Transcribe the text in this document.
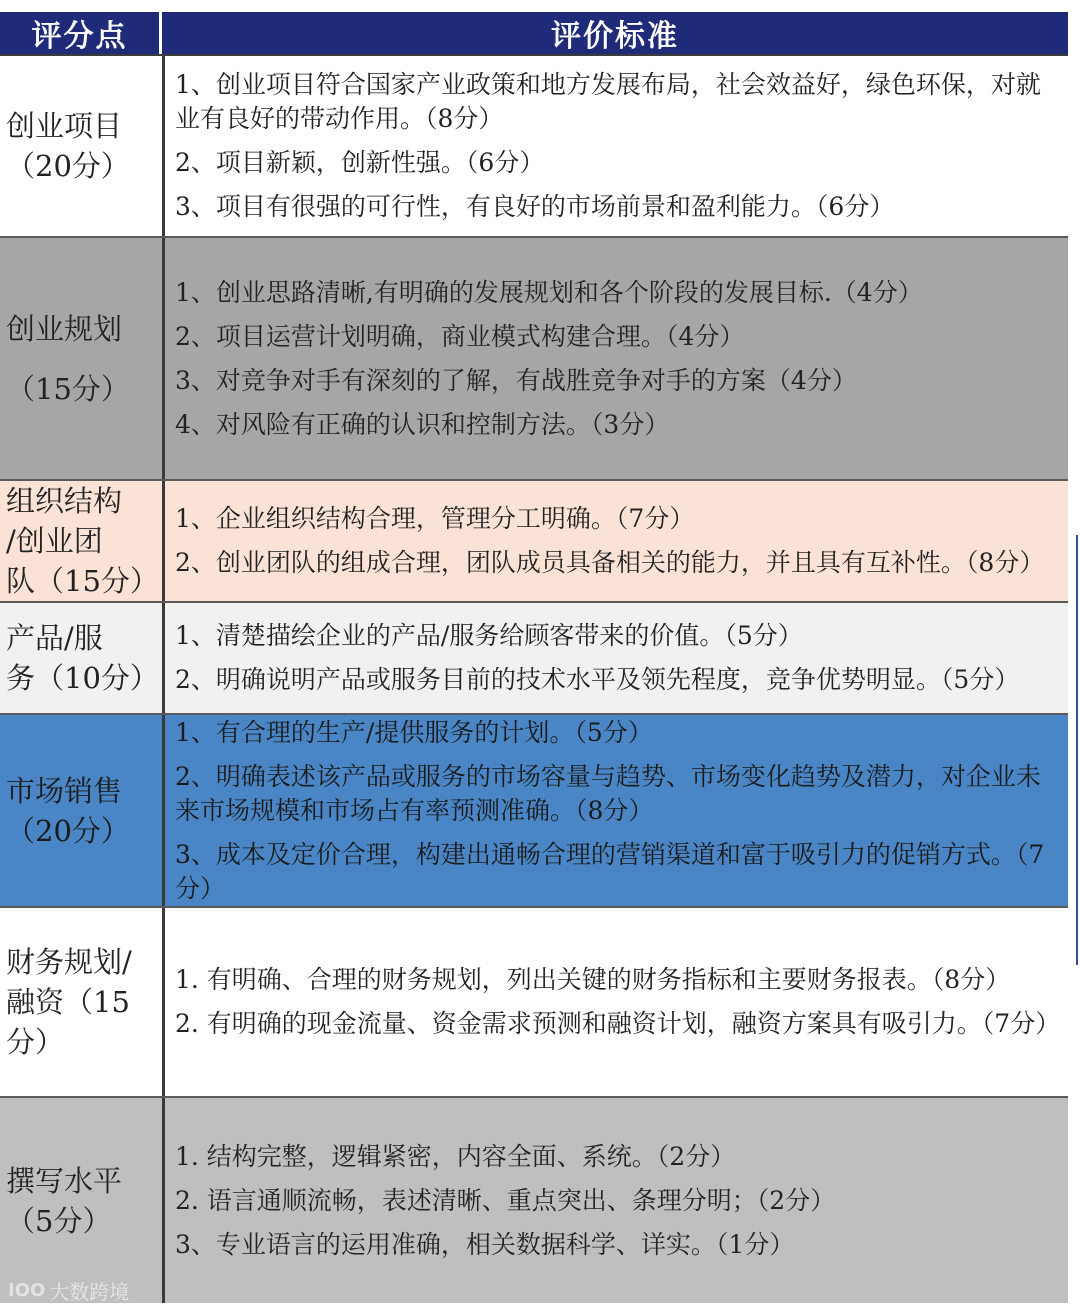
评分点	评价标准
创业项目
（20分）
1、创业项目符合国家产业政策和地方发展布局，社会效益好，绿色环保，对就业有良好的带动作用。（8分）
2、项目新颖，创新性强。（6分）
3、项目有很强的可行性，有良好的市场前景和盈利能力。（6分）
创业规划
（15分）
1、创业思路清晰,有明确的发展规划和各个阶段的发展目标.（4分）
2、项目运营计划明确，商业模式构建合理。（4分）
3、对竞争对手有深刻的了解，有战胜竞争对手的方案（4分）
4、对风险有正确的认识和控制方法。（3分）
组织结构
/创业团
队（15分）
1、企业组织结构合理，管理分工明确。（7分）
2、创业团队的组成合理，团队成员具备相关的能力，并且具有互补性。（8分）
产品/服
务（10分）
1、清楚描绘企业的产品/服务给顾客带来的价值。（5分）
2、明确说明产品或服务目前的技术水平及领先程度，竞争优势明显。（5分）
市场销售
（20分）
1、有合理的生产/提供服务的计划。（5分）
2、明确表述该产品或服务的市场容量与趋势、市场变化趋势及潜力，对企业未来市场规模和市场占有率预测准确。（8分）
3、成本及定价合理，构建出通畅合理的营销渠道和富于吸引力的促销方式。（7分）
财务规划/
融资（15
分）
1. 有明确、合理的财务规划，列出关键的财务指标和主要财务报表。（8分）
2. 有明确的现金流量、资金需求预测和融资计划，融资方案具有吸引力。（7分）
撰写水平
（5分）
1. 结构完整，逻辑紧密，内容全面、系统。（2分）
2. 语言通顺流畅，表述清晰、重点突出、条理分明；（2分）
3、专业语言的运用准确，相关数据科学、详实。（1分）
IOO 大数跨境
